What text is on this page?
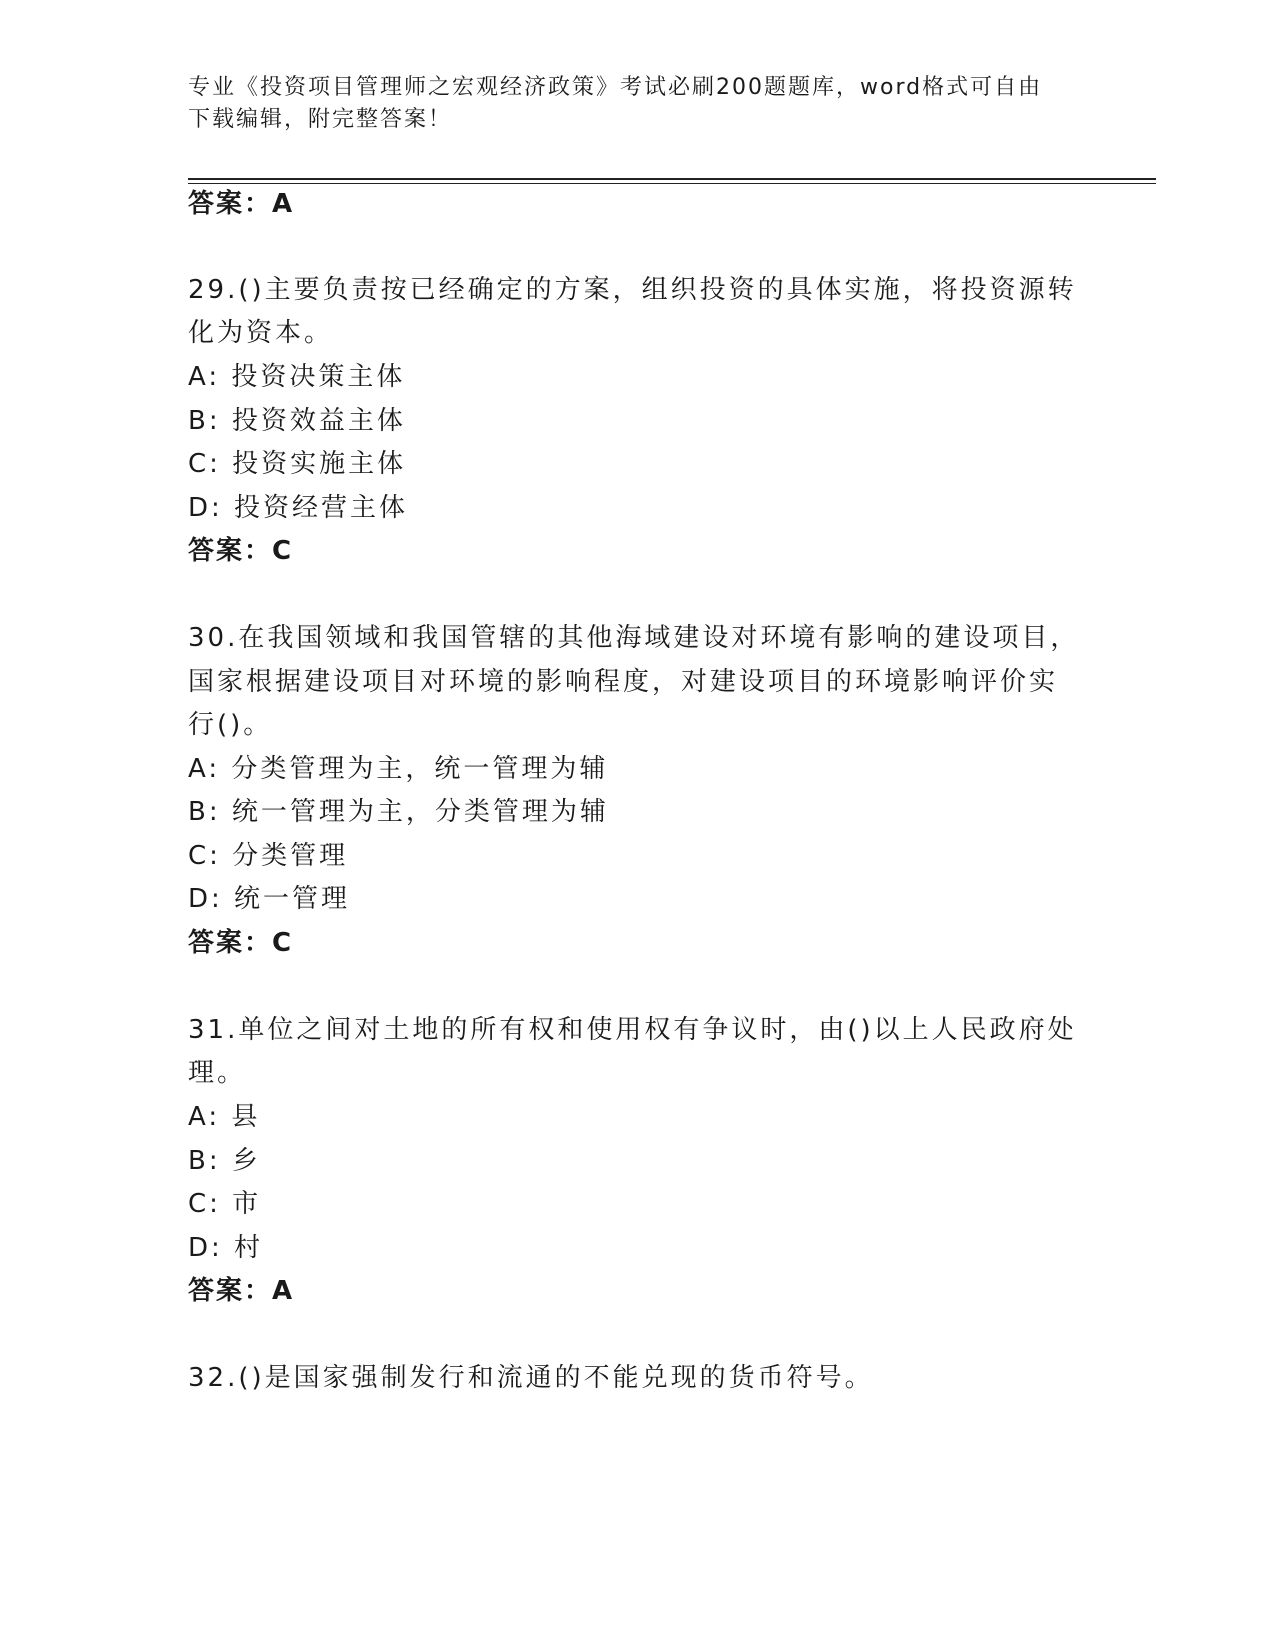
专业《投资项目管理师之宏观经济政策》考试必刷200题题库，word格式可自由
下载编辑，附完整答案！
答案：A
29.()主要负责按已经确定的方案，组织投资的具体实施，将投资源转
化为资本。
A: 投资决策主体
B: 投资效益主体
C: 投资实施主体
D: 投资经营主体
答案：C
30.在我国领域和我国管辖的其他海域建设对环境有影响的建设项目，
国家根据建设项目对环境的影响程度，对建设项目的环境影响评价实
行()。
A: 分类管理为主，统一管理为辅
B: 统一管理为主，分类管理为辅
C: 分类管理
D: 统一管理
答案：C
31.单位之间对土地的所有权和使用权有争议时，由()以上人民政府处
理。
A: 县
B: 乡
C: 市
D: 村
答案：A
32.()是国家强制发行和流通的不能兑现的货币符号。
